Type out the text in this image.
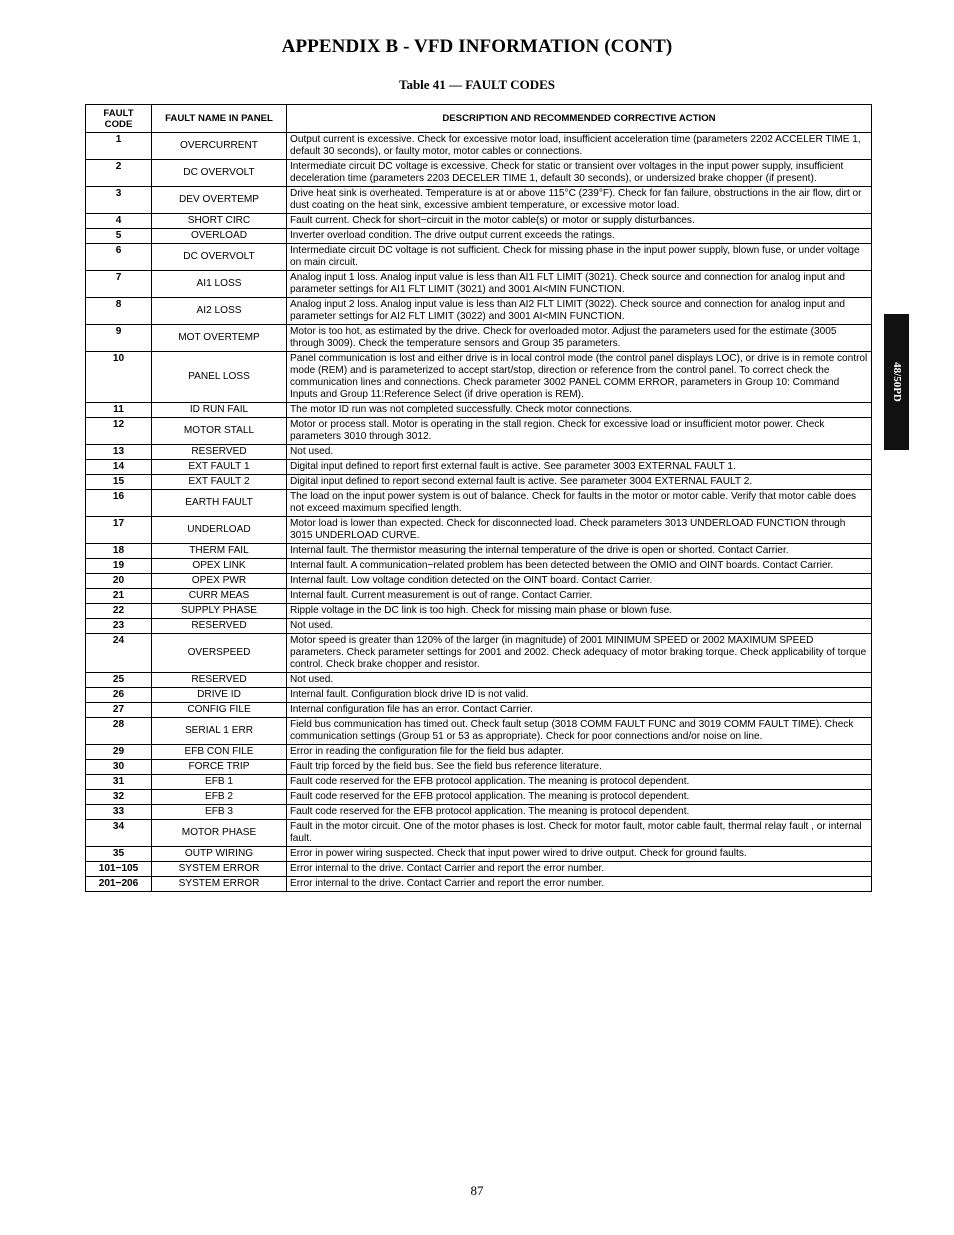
APPENDIX B - VFD INFORMATION (CONT)
Table 41 — FAULT CODES
FAULT CODE	FAULT NAME IN PANEL	DESCRIPTION AND RECOMMENDED CORRECTIVE ACTION
1	OVERCURRENT	Output current is excessive. Check for excessive motor load, insufficient acceleration time (parameters 2202 ACCELER TIME 1, default 30 seconds), or faulty motor, motor cables or connections.
2	DC OVERVOLT	Intermediate circuit DC voltage is excessive. Check for static or transient over voltages in the input power supply, insufficient deceleration time (parameters 2203 DECELER TIME 1, default 30 seconds), or undersized brake chopper (if present).
3	DEV OVERTEMP	Drive heat sink is overheated. Temperature is at or above 115°C (239°F). Check for fan failure, obstructions in the air flow, dirt or dust coating on the heat sink, excessive ambient temperature, or excessive motor load.
4	SHORT CIRC	Fault current. Check for short−circuit in the motor cable(s) or motor or supply disturbances.
5	OVERLOAD	Inverter overload condition. The drive output current exceeds the ratings.
6	DC OVERVOLT	Intermediate circuit DC voltage is not sufficient. Check for missing phase in the input power supply, blown fuse, or under voltage on main circuit.
7	AI1 LOSS	Analog input 1 loss. Analog input value is less than AI1 FLT LIMIT (3021). Check source and connection for analog input and parameter settings for AI1 FLT LIMIT (3021) and 3001 AI<MIN FUNCTION.
8	AI2 LOSS	Analog input 2 loss. Analog input value is less than AI2 FLT LIMIT (3022). Check source and connection for analog input and parameter settings for AI2 FLT LIMIT (3022) and 3001 AI<MIN FUNCTION.
9	MOT OVERTEMP	Motor is too hot, as estimated by the drive. Check for overloaded motor. Adjust the parameters used for the estimate (3005 through 3009). Check the temperature sensors and Group 35 parameters.
10	PANEL LOSS	Panel communication is lost and either drive is in local control mode (the control panel displays LOC), or drive is in remote control mode (REM) and is parameterized to accept start/stop, direction or reference from the control panel. To correct check the communication lines and connections. Check parameter 3002 PANEL COMM ERROR, parameters in Group 10: Command Inputs and Group 11:Reference Select (if drive operation is REM).
11	ID RUN FAIL	The motor ID run was not completed successfully. Check motor connections.
12	MOTOR STALL	Motor or process stall. Motor is operating in the stall region. Check for excessive load or insufficient motor power. Check parameters 3010 through 3012.
13	RESERVED	Not used.
14	EXT FAULT 1	Digital input defined to report first external fault is active. See parameter 3003 EXTERNAL FAULT 1.
15	EXT FAULT 2	Digital input defined to report second external fault is active. See parameter 3004 EXTERNAL FAULT 2.
16	EARTH FAULT	The load on the input power system is out of balance. Check for faults in the motor or motor cable. Verify that motor cable does not exceed maximum specified length.
17	UNDERLOAD	Motor load is lower than expected. Check for disconnected load. Check parameters 3013 UNDERLOAD FUNCTION through 3015 UNDERLOAD CURVE.
18	THERM FAIL	Internal fault. The thermistor measuring the internal temperature of the drive is open or shorted. Contact Carrier.
19	OPEX LINK	Internal fault. A communication−related problem has been detected between the OMIO and OINT boards. Contact Carrier.
20	OPEX PWR	Internal fault. Low voltage condition detected on the OINT board. Contact Carrier.
21	CURR MEAS	Internal fault. Current measurement is out of range. Contact Carrier.
22	SUPPLY PHASE	Ripple voltage in the DC link is too high. Check for missing main phase or blown fuse.
23	RESERVED	Not used.
24	OVERSPEED	Motor speed is greater than 120% of the larger (in magnitude) of 2001 MINIMUM SPEED or 2002 MAXIMUM SPEED parameters. Check parameter settings for 2001 and 2002. Check adequacy of motor braking torque. Check applicability of torque control. Check brake chopper and resistor.
25	RESERVED	Not used.
26	DRIVE ID	Internal fault. Configuration block drive ID is not valid.
27	CONFIG FILE	Internal configuration file has an error. Contact Carrier.
28	SERIAL 1 ERR	Field bus communication has timed out. Check fault setup (3018 COMM FAULT FUNC and 3019 COMM FAULT TIME). Check communication settings (Group 51 or 53 as appropriate). Check for poor connections and/or noise on line.
29	EFB CON FILE	Error in reading the configuration file for the field bus adapter.
30	FORCE TRIP	Fault trip forced by the field bus. See the field bus reference literature.
31	EFB 1	Fault code reserved for the EFB protocol application. The meaning is protocol dependent.
32	EFB 2	Fault code reserved for the EFB protocol application. The meaning is protocol dependent.
33	EFB 3	Fault code reserved for the EFB protocol application. The meaning is protocol dependent.
34	MOTOR PHASE	Fault in the motor circuit. One of the motor phases is lost. Check for motor fault, motor cable fault, thermal relay fault , or internal fault.
35	OUTP WIRING	Error in power wiring suspected. Check that input power wired to drive output. Check for ground faults.
101−105	SYSTEM ERROR	Error internal to the drive. Contact Carrier and report the error number.
201−206	SYSTEM ERROR	Error internal to the drive. Contact Carrier and report the error number.
48/50PD
87
